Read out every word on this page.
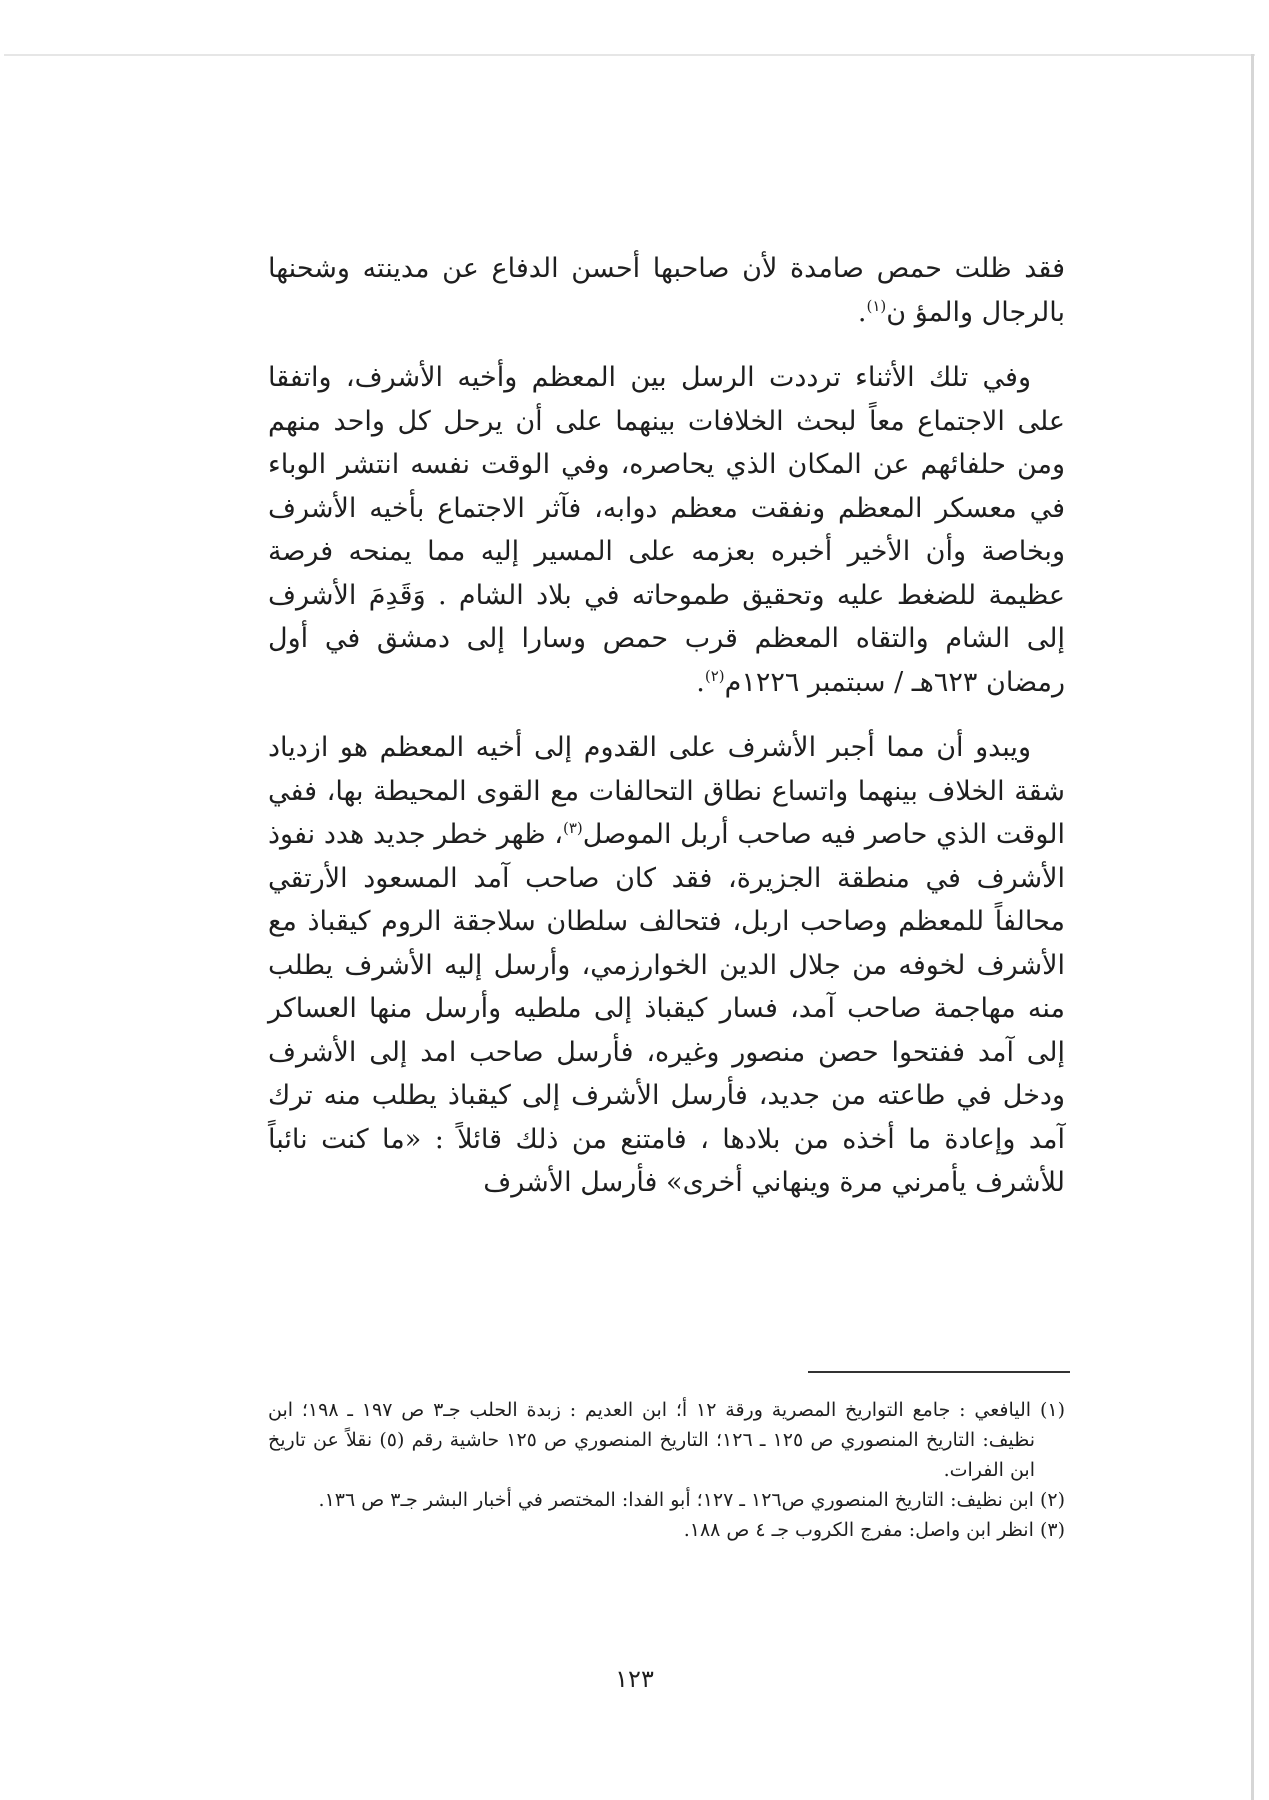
فقد ظلت حمص صامدة لأن صاحبها أحسن الدفاع عن مدينته وشحنها بالرجال والمؤ ن$^{(١)}$.

وفي تلك الأثناء ترددت الرسل بين المعظم وأخيه الأشرف، واتفقا على الاجتماع معاً لبحث الخلافات بينهما على أن يرحل كل واحد منهم ومن حلفائهم عن المكان الذي يحاصره، وفي الوقت نفسه انتشر الوباء في معسكر المعظم ونفقت معظم دوابه، فآثر الاجتماع بأخيه الأشرف وبخاصة وأن الأخير أخبره بعزمه على المسير إليه مما يمنحه فرصة عظيمة للضغط عليه وتحقيق طموحاته في بلاد الشام . وَقَدِمَ الأشرف إلى الشام والتقاه المعظم قرب حمص وسارا إلى دمشق في أول رمضان ٦٢٣هـ / سبتمبر ١٢٢٦م$^{(٢)}$.

ويبدو أن مما أجبر الأشرف على القدوم إلى أخيه المعظم هو ازدياد شقة الخلاف بينهما واتساع نطاق التحالفات مع القوى المحيطة بها، ففي الوقت الذي حاصر فيه صاحب أربل الموصل$^{(٣)}$، ظهر خطر جديد هدد نفوذ الأشرف في منطقة الجزيرة، فقد كان صاحب آمد المسعود الأرتقي محالفاً للمعظم وصاحب اربل، فتحالف سلطان سلاجقة الروم كيقباذ مع الأشرف لخوفه من جلال الدين الخوارزمي، وأرسل إليه الأشرف يطلب منه مهاجمة صاحب آمد، فسار كيقباذ إلى ملطيه وأرسل منها العساكر إلى آمد ففتحوا حصن منصور وغيره، فأرسل صاحب امد إلى الأشرف ودخل في طاعته من جديد، فأرسل الأشرف إلى كيقباذ يطلب منه ترك آمد وإعادة ما أخذه من بلادها ، فامتنع من ذلك قائلاً : «ما كنت نائباً للأشرف يأمرني مرة وينهاني أخرى» فأرسل الأشرف

(١) اليافعي : جامع التواريخ المصرية ورقة ١٢ أ؛ ابن العديم : زبدة الحلب جـ٣ ص ١٩٧ ـ ١٩٨؛ ابن نظيف: التاريخ المنصوري ص ١٢٥ ـ ١٢٦؛ التاريخ المنصوري ص ١٢٥ حاشية رقم (٥) نقلاً عن تاريخ ابن الفرات.

(٢) ابن نظيف: التاريخ المنصوري ص١٢٦ ـ ١٢٧؛ أبو الفدا: المختصر في أخبار البشر جـ٣ ص ١٣٦.

(٣) انظر ابن واصل: مفرج الكروب جـ ٤ ص ١٨٨.

١٢٣
